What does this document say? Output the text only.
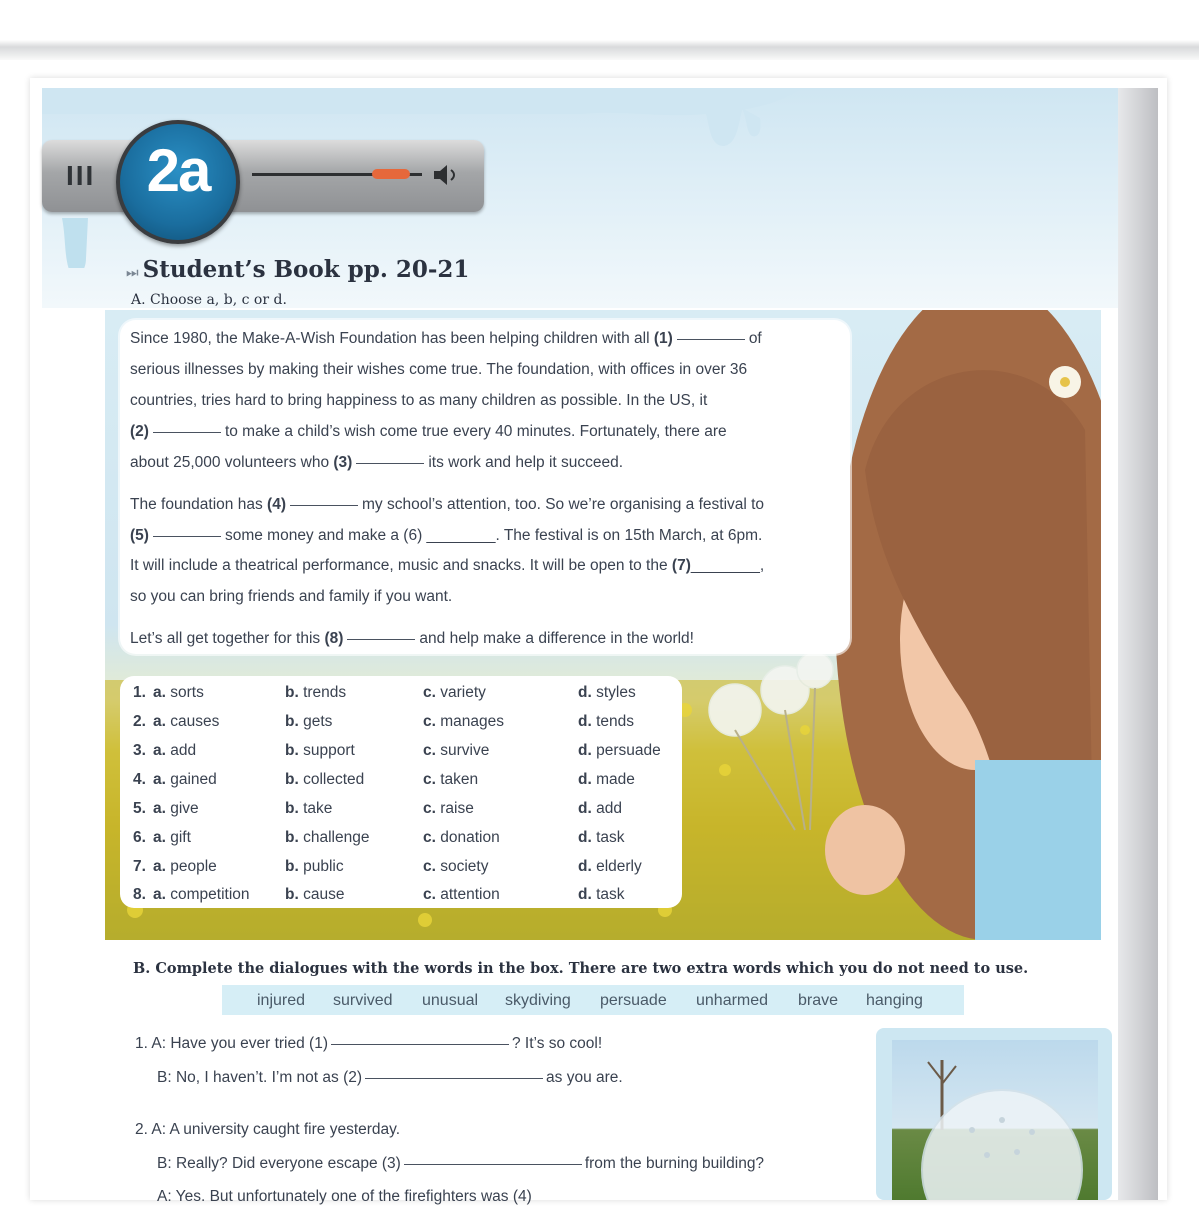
III 2a
⏭ Student’s Book pp. 20-21
A. Choose a, b, c or d.
Since 1980, the Make-A-Wish Foundation has been helping children with all (1)	of
serious illnesses by making their wishes come true. The foundation, with offices in over 36
countries, tries hard to bring happiness to as many children as possible. In the US, it
(2)	to make a child’s wish come true every 40 minutes. Fortunately, there are
about 25,000 volunteers who (3)	its work and help it succeed.
The foundation has (4)	my school’s attention, too. So we’re organising a festival to
(5)	some money and make a (6) ________. The festival is on 15th March, at 6pm.
It will include a theatrical performance, music and snacks. It will be open to the (7)________,
so you can bring friends and family if you want.
Let’s all get together for this (8)	and help make a difference in the world!
1. a. sorts	b. trends	c. variety	d. styles
2. a. causes	b. gets	c. manages	d. tends
3. a. add	b. support	c. survive	d. persuade
4. a. gained	b. collected	c. taken	d. made
5. a. give	b. take	c. raise	d. add
6. a. gift	b. challenge	c. donation	d. task
7. a. people	b. public	c. society	d. elderly
8. a. competition b. cause	c. attention	d. task
B. Complete the dialogues with the words in the box. There are two extra words which you do not need to use.
injured survived unusual skydiving persuade unharmed brave hanging
1. A: Have you ever tried (1)	? It’s so cool!
B: No, I haven’t. I’m not as (2)	as you are.
2. A: A university caught fire yesterday.
B: Really? Did everyone escape (3)	from the burning building?
A: Yes. But unfortunately one of the firefighters was (4)
